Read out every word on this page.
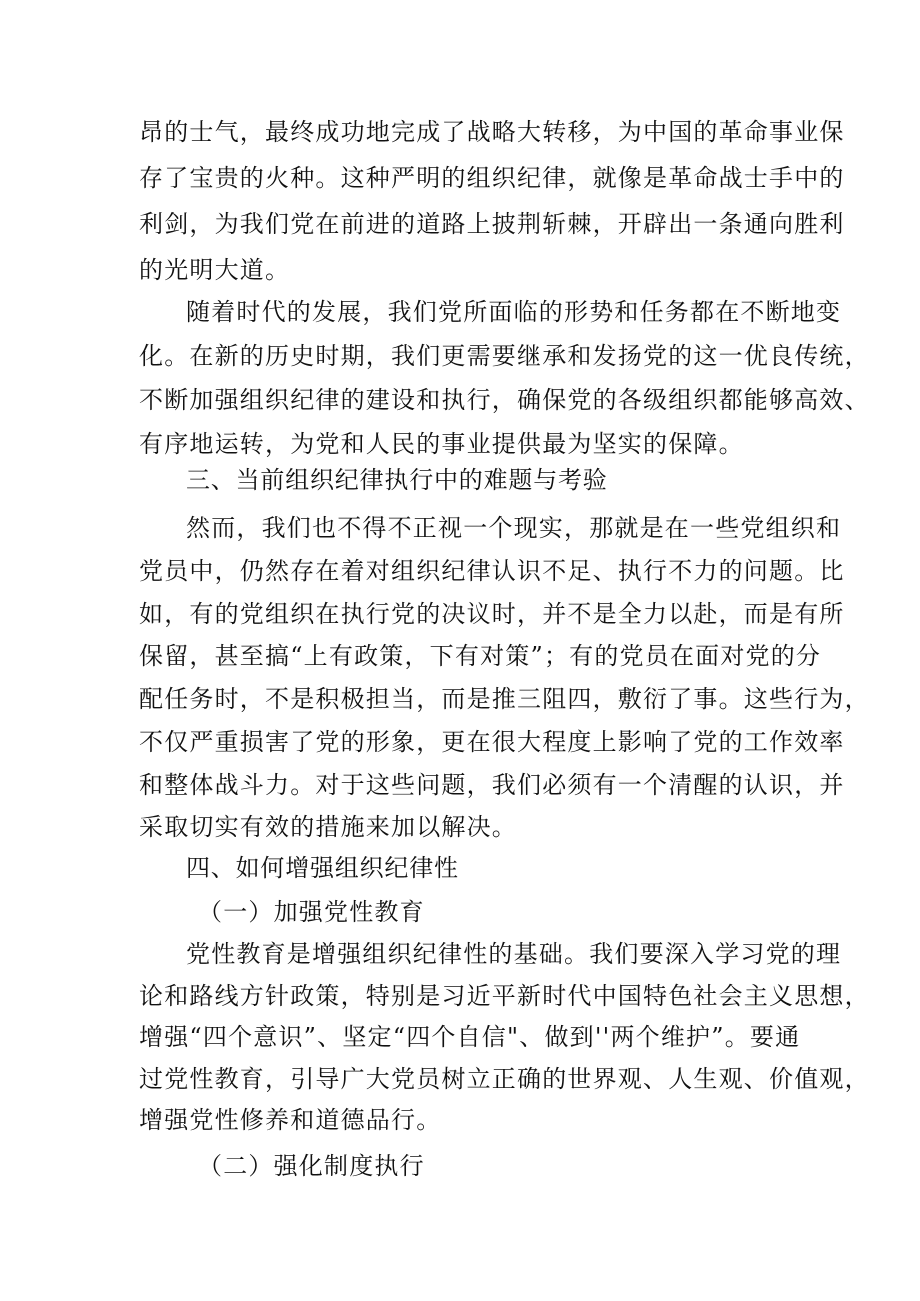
昂的士气，最终成功地完成了战略大转移，为中国的革命事业保
存了宝贵的火种。这种严明的组织纪律，就像是革命战士手中的
利剑，为我们党在前进的道路上披荆斩棘，开辟出一条通向胜利
的光明大道。
随着时代的发展，我们党所面临的形势和任务都在不断地变
化。在新的历史时期，我们更需要继承和发扬党的这一优良传统，
不断加强组织纪律的建设和执行，确保党的各级组织都能够高效、
有序地运转，为党和人民的事业提供最为坚实的保障。
三、当前组织纪律执行中的难题与考验
然而，我们也不得不正视一个现实，那就是在一些党组织和
党员中，仍然存在着对组织纪律认识不足、执行不力的问题。比
如，有的党组织在执行党的决议时，并不是全力以赴，而是有所
保留，甚至搞“上有政策，下有对策”；有的党员在面对党的分
配任务时，不是积极担当，而是推三阻四，敷衍了事。这些行为，
不仅严重损害了党的形象，更在很大程度上影响了党的工作效率
和整体战斗力。对于这些问题，我们必须有一个清醒的认识，并
采取切实有效的措施来加以解决。
四、如何增强组织纪律性
（一）加强党性教育
党性教育是增强组织纪律性的基础。我们要深入学习党的理
论和路线方针政策，特别是习近平新时代中国特色社会主义思想，
增强“四个意识”、坚定“四个自信"、做到''两个维护”。要通
过党性教育，引导广大党员树立正确的世界观、人生观、价值观，
增强党性修养和道德品行。
（二）强化制度执行
